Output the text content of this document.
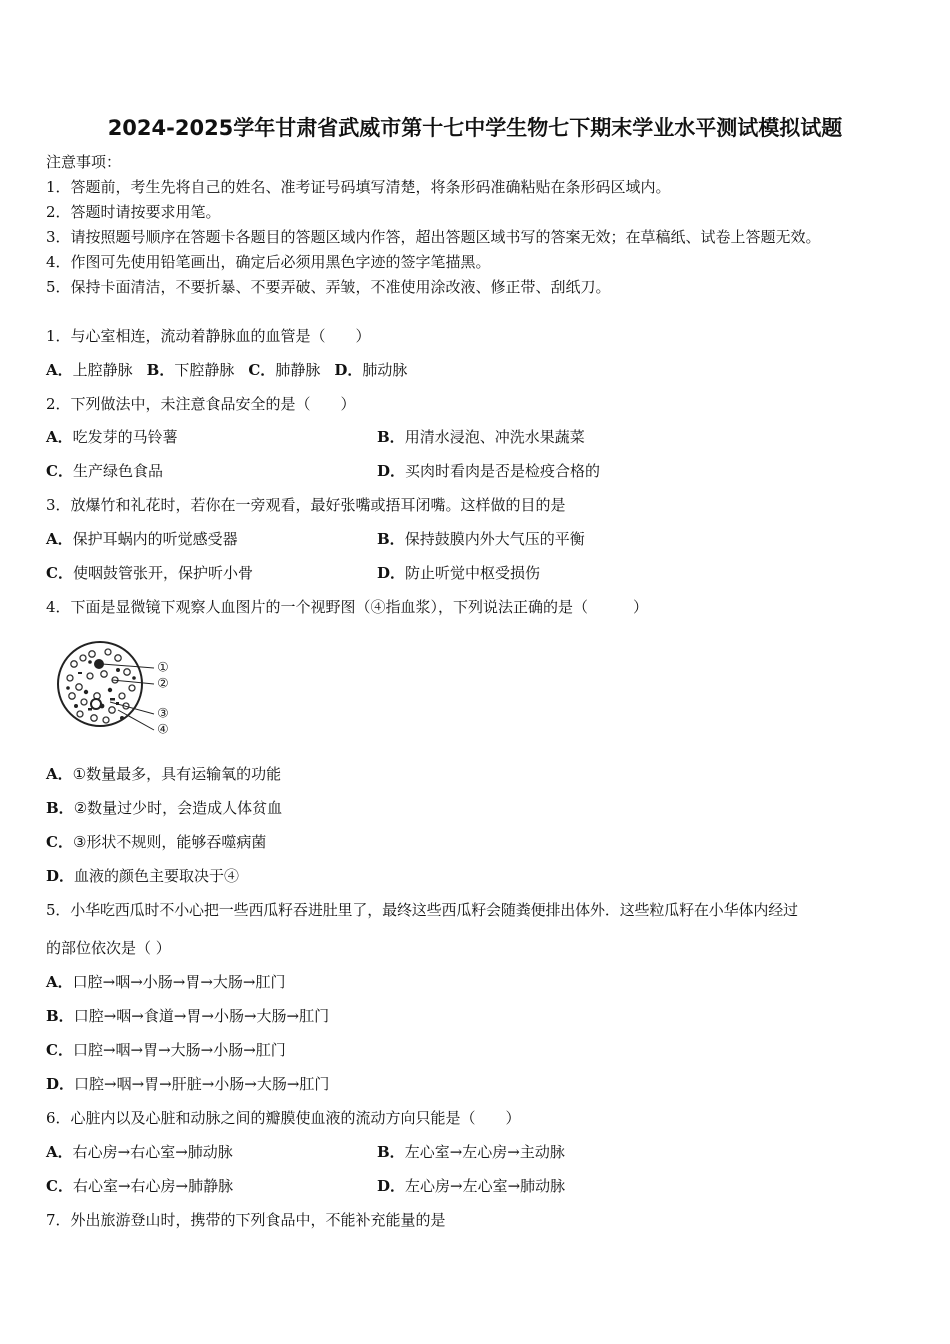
2024-2025学年甘肃省武威市第十七中学生物七下期末学业水平测试模拟试题
注意事项：
1．答题前，考生先将自己的姓名、准考证号码填写清楚，将条形码准确粘贴在条形码区域内。
2．答题时请按要求用笔。
3．请按照题号顺序在答题卡各题目的答题区域内作答，超出答题区域书写的答案无效；在草稿纸、试卷上答题无效。
4．作图可先使用铅笔画出，确定后必须用黑色字迹的签字笔描黑。
5．保持卡面清洁，不要折暴、不要弄破、弄皱，不准使用涂改液、修正带、刮纸刀。
1．与心室相连，流动着静脉血的血管是（　　）
A．上腔静脉 B．下腔静脉 C．肺静脉 D．肺动脉
2．下列做法中，未注意食品安全的是（　　）
A．吃发芽的马铃薯	B．用清水浸泡、冲洗水果蔬菜
C．生产绿色食品	D．买肉时看肉是否是检疫合格的
3．放爆竹和礼花时，若你在一旁观看，最好张嘴或捂耳闭嘴。这样做的目的是
A．保护耳蜗内的听觉感受器	B．保持鼓膜内外大气压的平衡
C．使咽鼓管张开，保护听小骨	D．防止听觉中枢受损伤
4．下面是显微镜下观察人血图片的一个视野图（④指血浆），下列说法正确的是（　　　）
①
②
③
④
A．①数量最多，具有运输氧的功能
B．②数量过少时，会造成人体贫血
C．③形状不规则，能够吞噬病菌
D．血液的颜色主要取决于④
5．小华吃西瓜时不小心把一些西瓜籽吞进肚里了，最终这些西瓜籽会随粪便排出体外．这些粒瓜籽在小华体内经过
的部位依次是（ ）
A．口腔→咽→小肠→胃→大肠→肛门
B．口腔→咽→食道→胃→小肠→大肠→肛门
C．口腔→咽→胃→大肠→小肠→肛门
D．口腔→咽→胃→肝脏→小肠→大肠→肛门
6．心脏内以及心脏和动脉之间的瓣膜使血液的流动方向只能是（　　）
A．右心房→右心室→肺动脉	B．左心室→左心房→主动脉
C．右心室→右心房→肺静脉	D．左心房→左心室→肺动脉
7．外出旅游登山时，携带的下列食品中，不能补充能量的是
